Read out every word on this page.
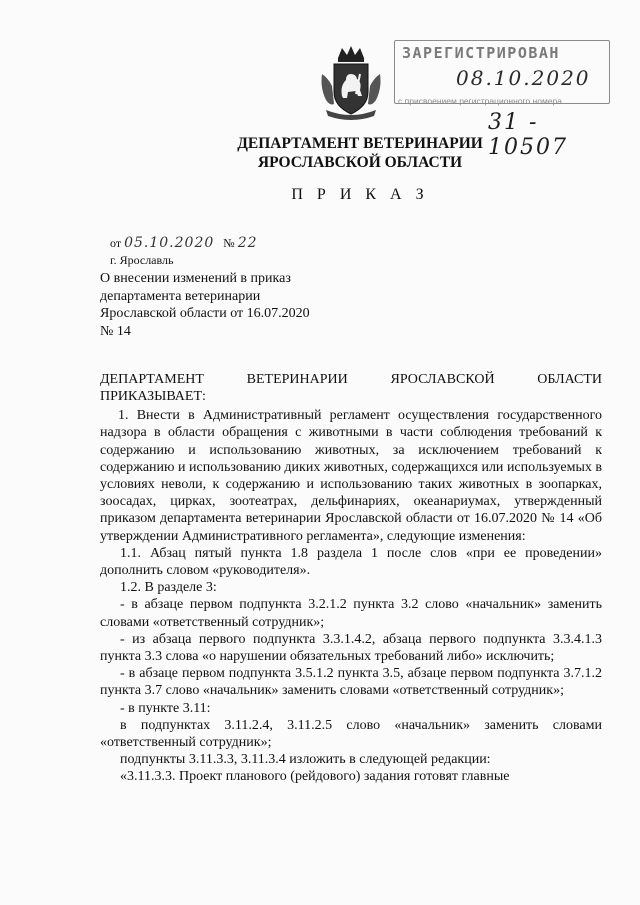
ЗАРЕГИСТРИРОВАН
08.10.2020
с присвоением регистрационного номера
31 - 10507
ДЕПАРТАМЕНТ ВЕТЕРИНАРИИ
ЯРОСЛАВСКОЙ ОБЛАСТИ
П Р И К А З
от 05.10.2020 № 22
г. Ярославль
О внесении изменений в приказ
департамента ветеринарии
Ярославской области от 16.07.2020
№ 14

ДЕПАРТАМЕНТ ВЕТЕРИНАРИИ ЯРОСЛАВСКОЙ ОБЛАСТИ

ПРИКАЗЫВАЕТ:

1. Внести в Административный регламент осуществления государственного надзора в области обращения с животными в части соблюдения требований к содержанию и использованию животных, за исключением требований к содержанию и использованию диких животных, содержащихся или используемых в условиях неволи, к содержанию и использованию таких животных в зоопарках, зоосадах, цирках, зоотеатрах, дельфинариях, океанариумах, утвержденный приказом департамента ветеринарии Ярославской области от 16.07.2020 № 14 «Об утверждении Административного регламента», следующие изменения:

1.1. Абзац пятый пункта 1.8 раздела 1 после слов «при ее проведении» дополнить словом «руководителя».

1.2. В разделе 3:

- в абзаце первом подпункта 3.2.1.2 пункта 3.2 слово «начальник» заменить словами «ответственный сотрудник»;

- из абзаца первого подпункта 3.3.1.4.2, абзаца первого подпункта 3.3.4.1.3 пункта 3.3 слова «о нарушении обязательных требований либо» исключить;

- в абзаце первом подпункта 3.5.1.2 пункта 3.5, абзаце первом подпункта 3.7.1.2 пункта 3.7 слово «начальник» заменить словами «ответственный сотрудник»;

- в пункте 3.11:

в подпунктах 3.11.2.4, 3.11.2.5 слово «начальник» заменить словами «ответственный сотрудник»;

подпункты 3.11.3.3, 3.11.3.4 изложить в следующей редакции:

«3.11.3.3. Проект планового (рейдового) задания готовят главные
